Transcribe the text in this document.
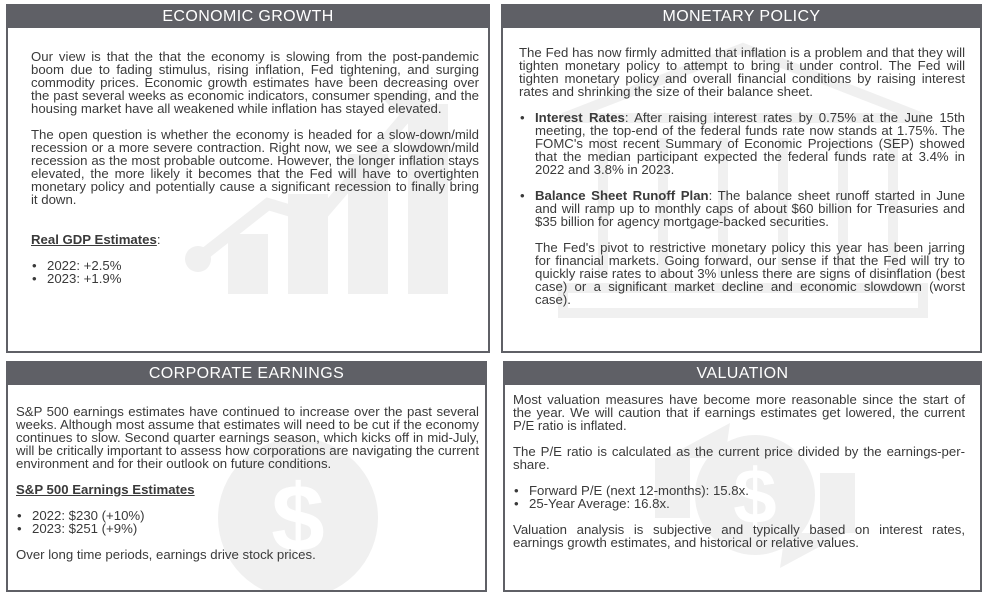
ECONOMIC GROWTH

Our view is that the that the economy is slowing from the post-pandemic boom due to fading stimulus, rising inflation, Fed tightening, and surging commodity prices. Economic growth estimates have been decreasing over the past several weeks as economic indicators, consumer spending, and the housing market have all weakened while inflation has stayed elevated.

The open question is whether the economy is headed for a slow-down/mild recession or a more severe contraction. Right now, we see a slowdown/mild recession as the most probable outcome. However, the longer inflation stays elevated, the more likely it becomes that the Fed will have to overtighten monetary policy and potentially cause a significant recession to finally bring it down.

Real GDP Estimates:

• 2022: +2.5%
• 2023: +1.9%
MONETARY POLICY

The Fed has now firmly admitted that inflation is a problem and that they will tighten monetary policy to attempt to bring it under control. The Fed will tighten monetary policy and overall financial conditions by raising interest rates and shrinking the size of their balance sheet.

• Interest Rates: After raising interest rates by 0.75% at the June 15th meeting, the top-end of the federal funds rate now stands at 1.75%. The FOMC's most recent Summary of Economic Projections (SEP) showed that the median participant expected the federal funds rate at 3.4% in 2022 and 3.8% in 2023.
• Balance Sheet Runoff Plan: The balance sheet runoff started in June and will ramp up to monthly caps of about $60 billion for Treasuries and $35 billion for agency mortgage-backed securities.

The Fed's pivot to restrictive monetary policy this year has been jarring for financial markets. Going forward, our sense if that the Fed will try to quickly raise rates to about 3% unless there are signs of disinflation (best case) or a significant market decline and economic slowdown (worst case).

CORPORATE EARNINGS
$

S&P 500 earnings estimates have continued to increase over the past several weeks. Although most assume that estimates will need to be cut if the economy continues to slow. Second quarter earnings season, which kicks off in mid-July, will be critically important to assess how corporations are navigating the current environment and for their outlook on future conditions.

S&P 500 Earnings Estimates

• 2022: $230 (+10%)
• 2023: $251 (+9%)

Over long time periods, earnings drive stock prices.

VALUATION
$

Most valuation measures have become more reasonable since the start of the year. We will caution that if earnings estimates get lowered, the current P/E ratio is inflated.

The P/E ratio is calculated as the current price divided by the earnings-per-share.

• Forward P/E (next 12-months): 15.8x.
• 25-Year Average: 16.8x.

Valuation analysis is subjective and typically based on interest rates, earnings growth estimates, and historical or relative values.
